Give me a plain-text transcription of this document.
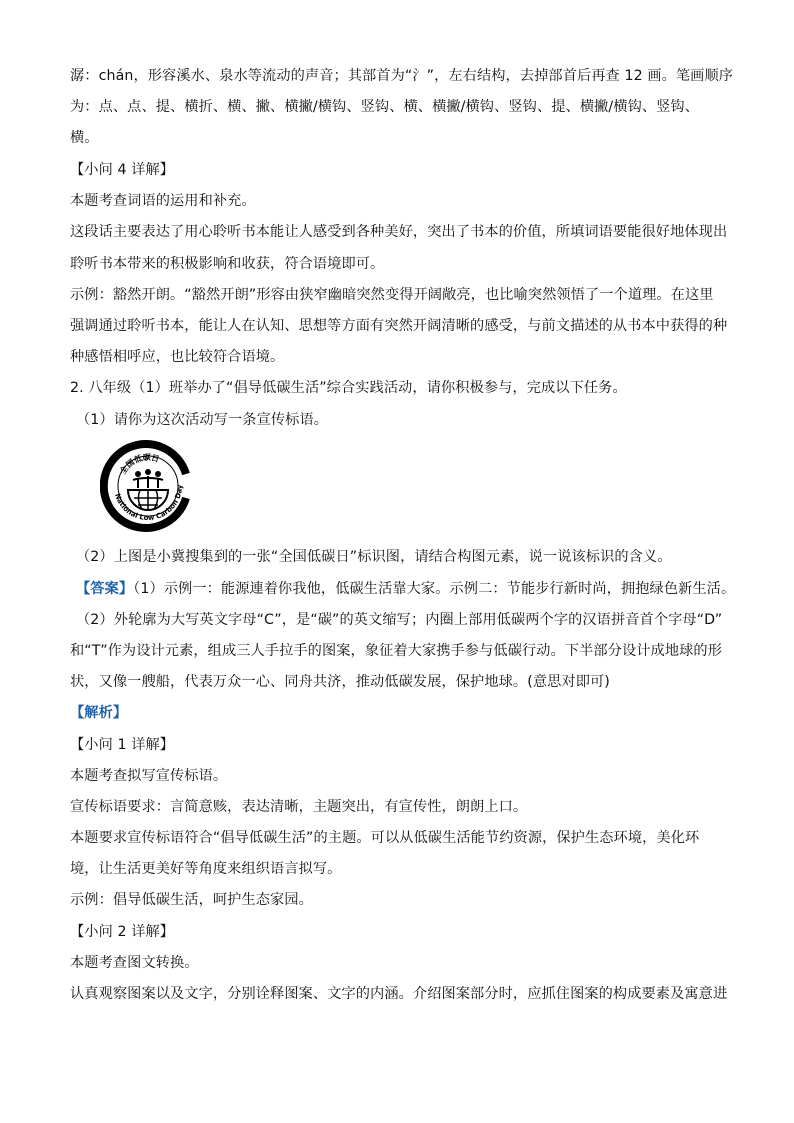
潺：chán，形容溪水、泉水等流动的声音；其部首为“氵”，左右结构，去掉部首后再查 12 画。笔画顺序
为：点、点、提、横折、横、撇、横撇/横钩、竖钩、横、横撇/横钩、竖钩、提、横撇/横钩、竖钩、
横。
【小问 4 详解】
本题考查词语的运用和补充。
这段话主要表达了用心聆听书本能让人感受到各种美好，突出了书本的价值，所填词语要能很好地体现出
聆听书本带来的积极影响和收获，符合语境即可。
示例：豁然开朗。“豁然开朗”形容由狭窄幽暗突然变得开阔敞亮，也比喻突然领悟了一个道理。在这里
强调通过聆听书本，能让人在认知、思想等方面有突然开阔清晰的感受，与前文描述的从书本中获得的种
种感悟相呼应，也比较符合语境。
2. 八年级（1）班举办了“倡导低碳生活”综合实践活动，请你积极参与，完成以下任务。
（1）请你为这次活动写一条宣传标语。
National Low Carbon Day
全国低碳日
（2）上图是小冀搜集到的一张“全国低碳日”标识图，请结合构图元素，说一说该标识的含义。
【答案】（1）示例一：能源連着你我他，低碳生活靠大家。示例二：节能步行新时尚，拥抱绿色新生活。
（2）外轮廓为大写英文字母“C”，是“碳”的英文缩写；内圈上部用低碳两个字的汉语拼音首个字母“D”
和“T”作为设计元素，组成三人手拉手的图案，象征着大家携手参与低碳行动。下半部分设计成地球的形
状，又像一艘船，代表万众一心、同舟共济，推动低碳发展，保护地球。(意思对即可)
【解析】
【小问 1 详解】
本题考查拟写宣传标语。
宣传标语要求：言简意赅，表达清晰，主题突出，有宣传性，朗朗上口。
本题要求宣传标语符合“倡导低碳生活”的主题。可以从低碳生活能节约资源，保护生态环境，美化环
境，让生活更美好等角度来组织语言拟写。
示例：倡导低碳生活，呵护生态家园。
【小问 2 详解】
本题考查图文转换。
认真观察图案以及文字，分别诠释图案、文字的内涵。介绍图案部分时，应抓住图案的构成要素及寓意进
